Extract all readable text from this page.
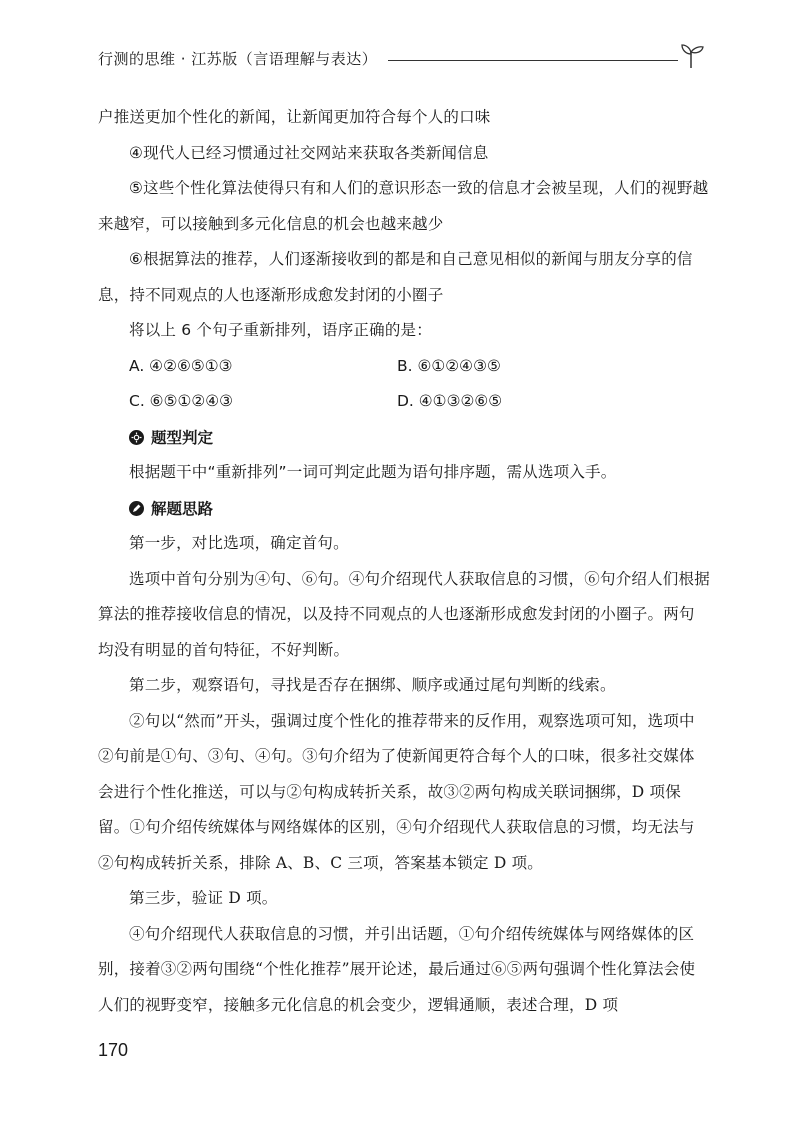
行测的思维 · 江苏版（言语理解与表达）

户推送更加个性化的新闻，让新闻更加符合每个人的口味

④现代人已经习惯通过社交网站来获取各类新闻信息

⑤这些个性化算法使得只有和人们的意识形态一致的信息才会被呈现，人们的视野越来越窄，可以接触到多元化信息的机会也越来越少

⑥根据算法的推荐，人们逐渐接收到的都是和自己意见相似的新闻与朋友分享的信息，持不同观点的人也逐渐形成愈发封闭的小圈子

将以上 6 个句子重新排列，语序正确的是：

A. ④②⑥⑤①③	B. ⑥①②④③⑤
C. ⑥⑤①②④③	D. ④①③②⑥⑤
题型判定

根据题干中“重新排列”一词可判定此题为语句排序题，需从选项入手。

解题思路

第一步，对比选项，确定首句。

选项中首句分别为④句、⑥句。④句介绍现代人获取信息的习惯，⑥句介绍人们根据算法的推荐接收信息的情况，以及持不同观点的人也逐渐形成愈发封闭的小圈子。两句均没有明显的首句特征，不好判断。

第二步，观察语句，寻找是否存在捆绑、顺序或通过尾句判断的线索。

②句以“然而”开头，强调过度个性化的推荐带来的反作用，观察选项可知，选项中②句前是①句、③句、④句。③句介绍为了使新闻更符合每个人的口味，很多社交媒体会进行个性化推送，可以与②句构成转折关系，故③②两句构成关联词捆绑，D 项保留。①句介绍传统媒体与网络媒体的区别，④句介绍现代人获取信息的习惯，均无法与②句构成转折关系，排除 A、B、C 三项，答案基本锁定 D 项。

第三步，验证 D 项。

④句介绍现代人获取信息的习惯，并引出话题，①句介绍传统媒体与网络媒体的区别，接着③②两句围绕“个性化推荐”展开论述，最后通过⑥⑤两句强调个性化算法会使人们的视野变窄，接触多元化信息的机会变少，逻辑通顺，表述合理，D 项

170
